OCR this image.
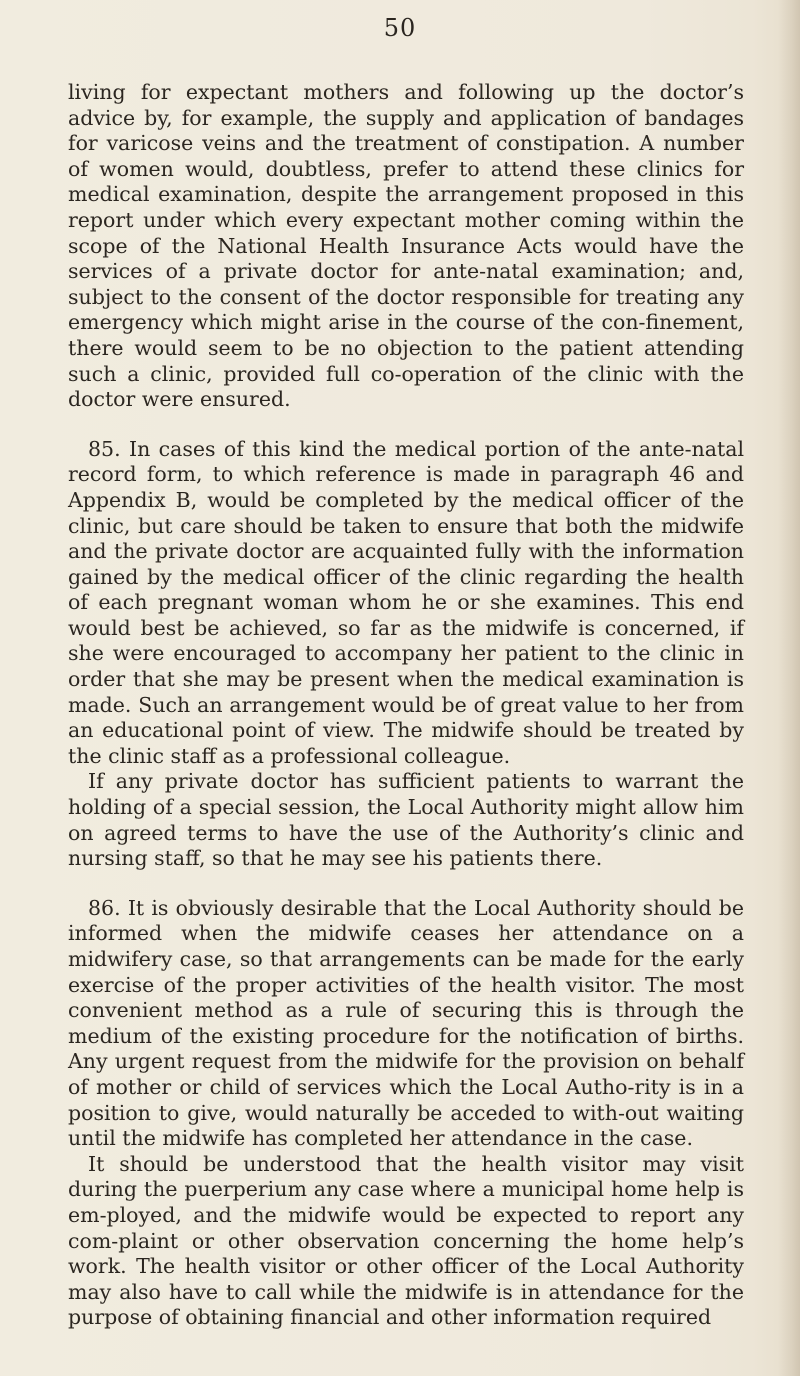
50

living for expectant mothers and following up the doctor’s advice by, for example, the supply and application of bandages for varicose veins and the treatment of constipation. A number of women would, doubtless, prefer to attend these clinics for medical examination, despite the arrangement proposed in this report under which every expectant mother coming within the scope of the National Health Insurance Acts would have the services of a private doctor for ante-natal examination; and, subject to the consent of the doctor responsible for treating any emergency which might arise in the course of the con-finement, there would seem to be no objection to the patient attending such a clinic, provided full co-operation of the clinic with the doctor were ensured.

85. In cases of this kind the medical portion of the ante-natal record form, to which reference is made in paragraph 46 and Appendix B, would be completed by the medical officer of the clinic, but care should be taken to ensure that both the midwife and the private doctor are acquainted fully with the information gained by the medical officer of the clinic regarding the health of each pregnant woman whom he or she examines. This end would best be achieved, so far as the midwife is concerned, if she were encouraged to accompany her patient to the clinic in order that she may be present when the medical examination is made. Such an arrangement would be of great value to her from an educational point of view. The midwife should be treated by the clinic staff as a professional colleague.

If any private doctor has sufficient patients to warrant the holding of a special session, the Local Authority might allow him on agreed terms to have the use of the Authority’s clinic and nursing staff, so that he may see his patients there.

86. It is obviously desirable that the Local Authority should be informed when the midwife ceases her attendance on a midwifery case, so that arrangements can be made for the early exercise of the proper activities of the health visitor. The most convenient method as a rule of securing this is through the medium of the existing procedure for the notification of births. Any urgent request from the midwife for the provision on behalf of mother or child of services which the Local Autho-rity is in a position to give, would naturally be acceded to with-out waiting until the midwife has completed her attendance in the case.

It should be understood that the health visitor may visit during the puerperium any case where a municipal home help is em-ployed, and the midwife would be expected to report any com-plaint or other observation concerning the home help’s work. The health visitor or other officer of the Local Authority may also have to call while the midwife is in attendance for the purpose of obtaining financial and other information required
